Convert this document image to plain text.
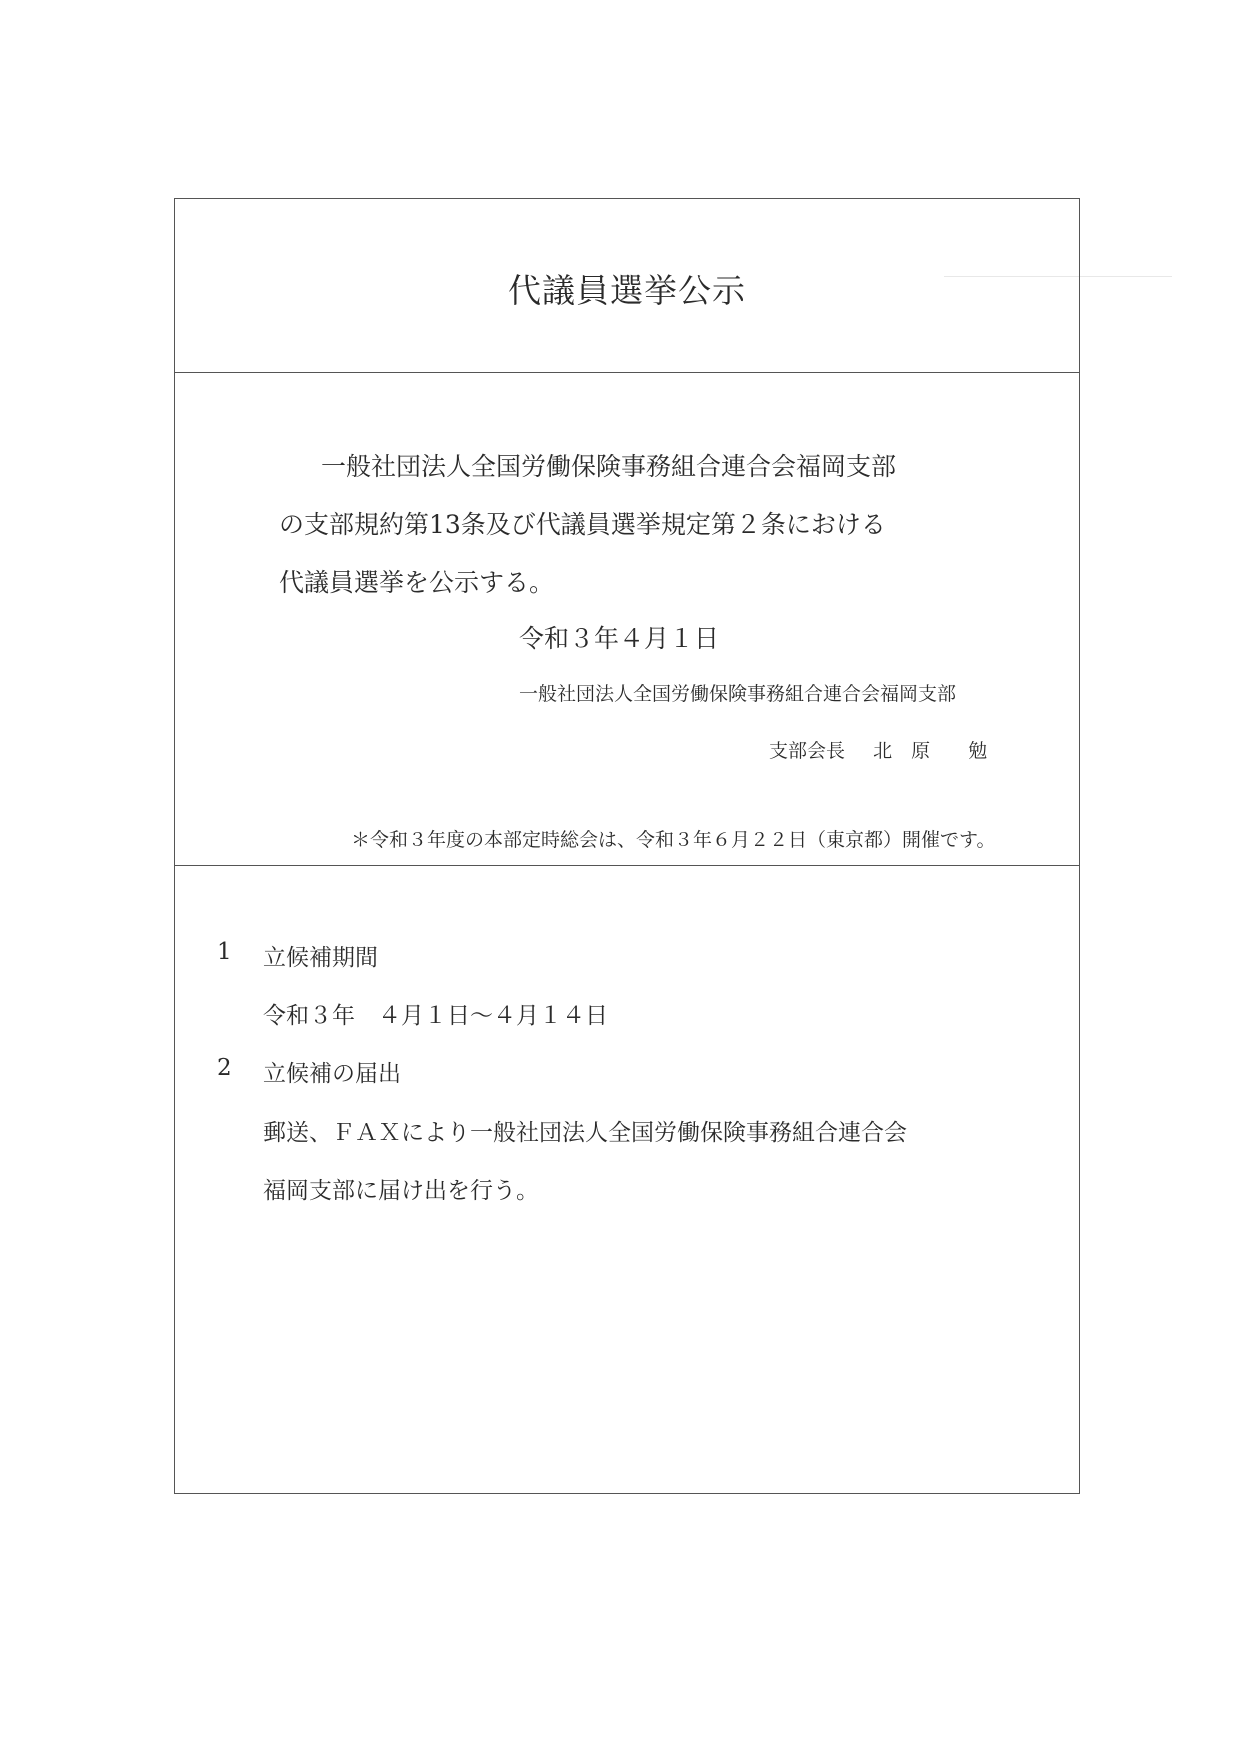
代議員選挙公示
一般社団法人全国労働保険事務組合連合会福岡支部
の支部規約第13条及び代議員選挙規定第２条における
代議員選挙を公示する。
令和３年４月１日
一般社団法人全国労働保険事務組合連合会福岡支部
支部会長 北　原 勉
＊令和３年度の本部定時総会は、令和３年６月２２日（東京都）開催です。
1 立候補期間
令和３年　４月１日～４月１４日
2 立候補の届出
郵送、ＦＡＸにより一般社団法人全国労働保険事務組合連合会
福岡支部に届け出を行う。
